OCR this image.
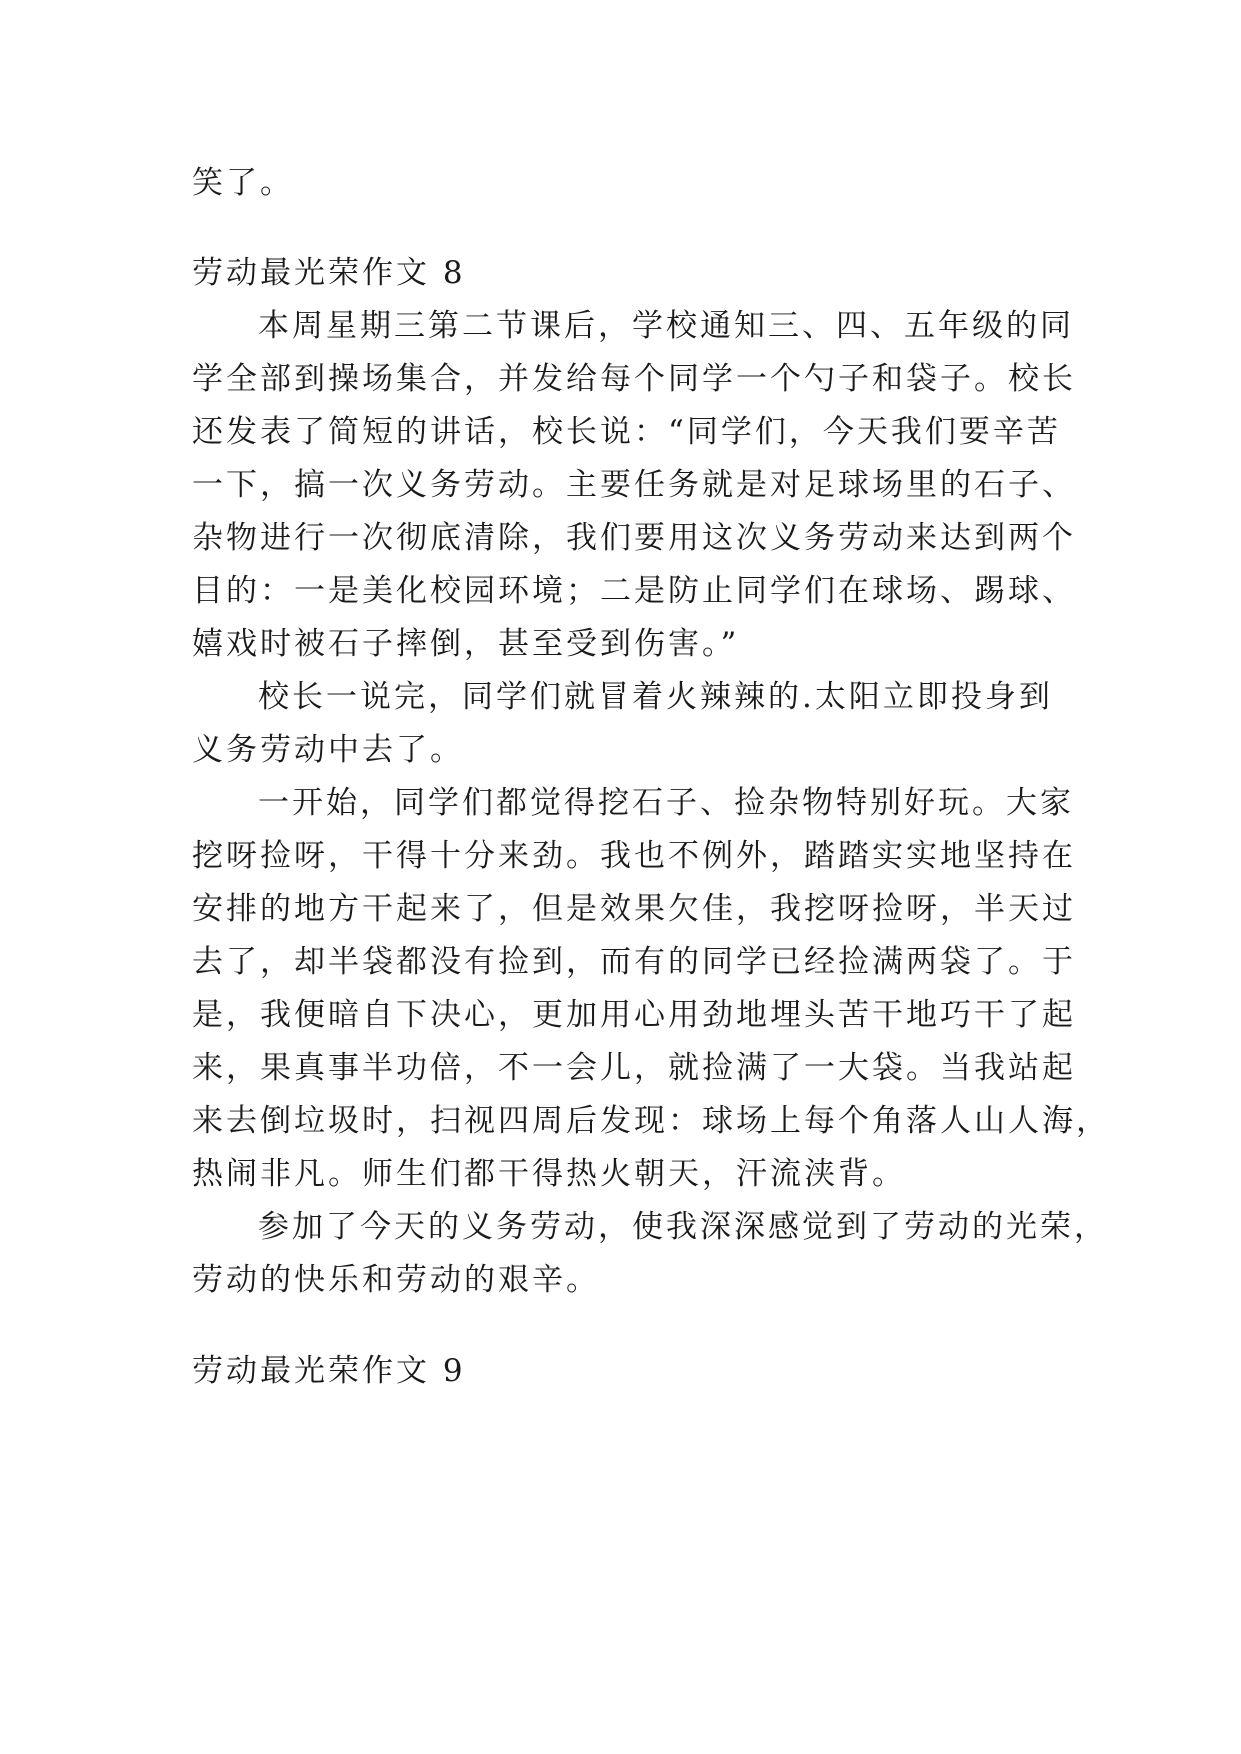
笑了。
劳动最光荣作文 8
本周星期三第二节课后，学校通知三、四、五年级的同
学全部到操场集合，并发给每个同学一个勺子和袋子。校长
还发表了简短的讲话，校长说：“同学们，今天我们要辛苦
一下，搞一次义务劳动。主要任务就是对足球场里的石子、
杂物进行一次彻底清除，我们要用这次义务劳动来达到两个
目的：一是美化校园环境；二是防止同学们在球场、踢球、
嬉戏时被石子摔倒，甚至受到伤害。”
校长一说完，同学们就冒着火辣辣的.太阳立即投身到
义务劳动中去了。
一开始，同学们都觉得挖石子、捡杂物特别好玩。大家
挖呀捡呀，干得十分来劲。我也不例外，踏踏实实地坚持在
安排的地方干起来了，但是效果欠佳，我挖呀捡呀，半天过
去了，却半袋都没有捡到，而有的同学已经捡满两袋了。于
是，我便暗自下决心，更加用心用劲地埋头苦干地巧干了起
来，果真事半功倍，不一会儿，就捡满了一大袋。当我站起
来去倒垃圾时，扫视四周后发现：球场上每个角落人山人海，
热闹非凡。师生们都干得热火朝天，汗流浃背。
参加了今天的义务劳动，使我深深感觉到了劳动的光荣，
劳动的快乐和劳动的艰辛。
劳动最光荣作文 9
